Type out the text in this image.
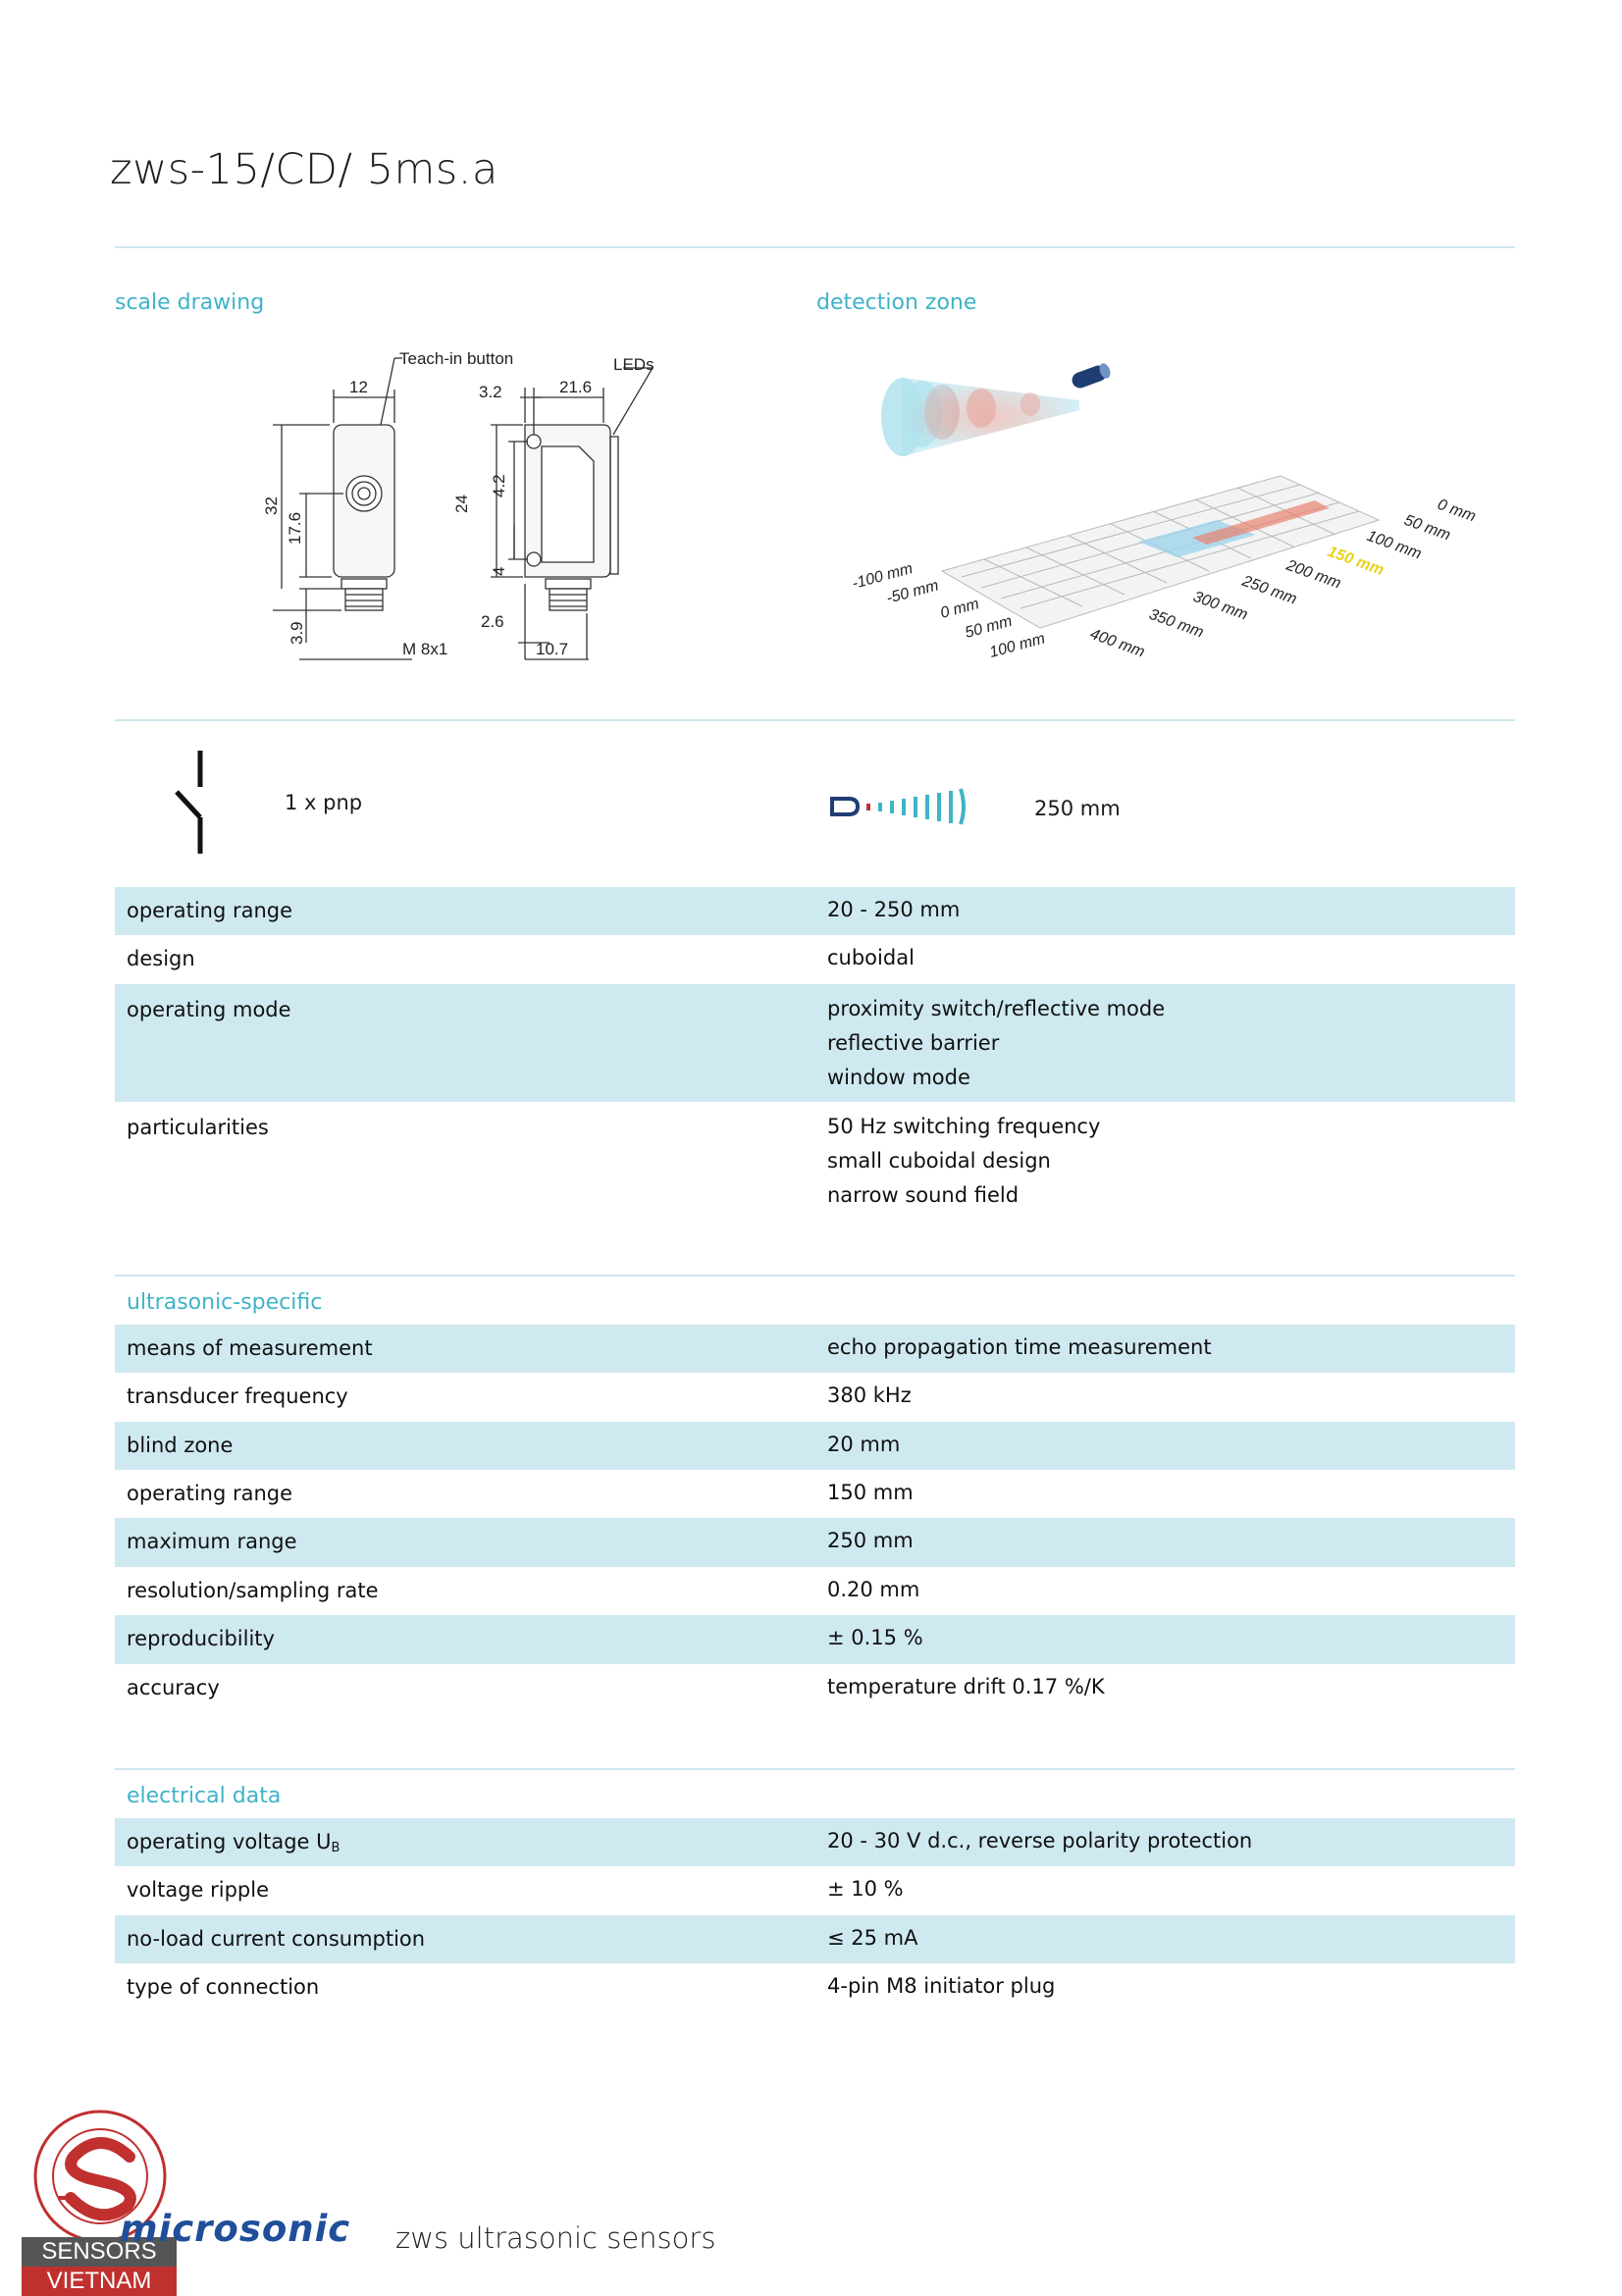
zws-15/CD/ 5ms.a
scale drawing	detection zone
Teach-in button	LEDs
12	3.2	21.6
32
17.6
3.9
M 8x1
24
4.2
4
2.6
10.7
-100 mm
-50 mm
0 mm
50 mm
100 mm	400 mm
350 mm
300 mm
250 mm
200 mm
150 mm
100 mm
50 mm
0 mm
1 x pnp	250 mm
operating range	20 - 250 mm
design	cuboidal
operating mode	proximity switch/reflective mode
reflective barrier
window mode
particularities	50 Hz switching frequency
small cuboidal design
narrow sound field
ultrasonic-specific
means of measurement	echo propagation time measurement
transducer frequency	380 kHz
blind zone	20 mm
operating range	150 mm
maximum range	250 mm
resolution/sampling rate	0.20 mm
reproducibility	± 0.15 %
accuracy	temperature drift 0.17 %/K
electrical data
operating voltage $U_B$	20 - 30 V d.c., reverse polarity protection
voltage ripple	± 10 %
no-load current consumption	≤ 25 mA
type of connection	4-pin M8 initiator plug
SENSORS
VIETNAM
microsonic zws ultrasonic sensors
